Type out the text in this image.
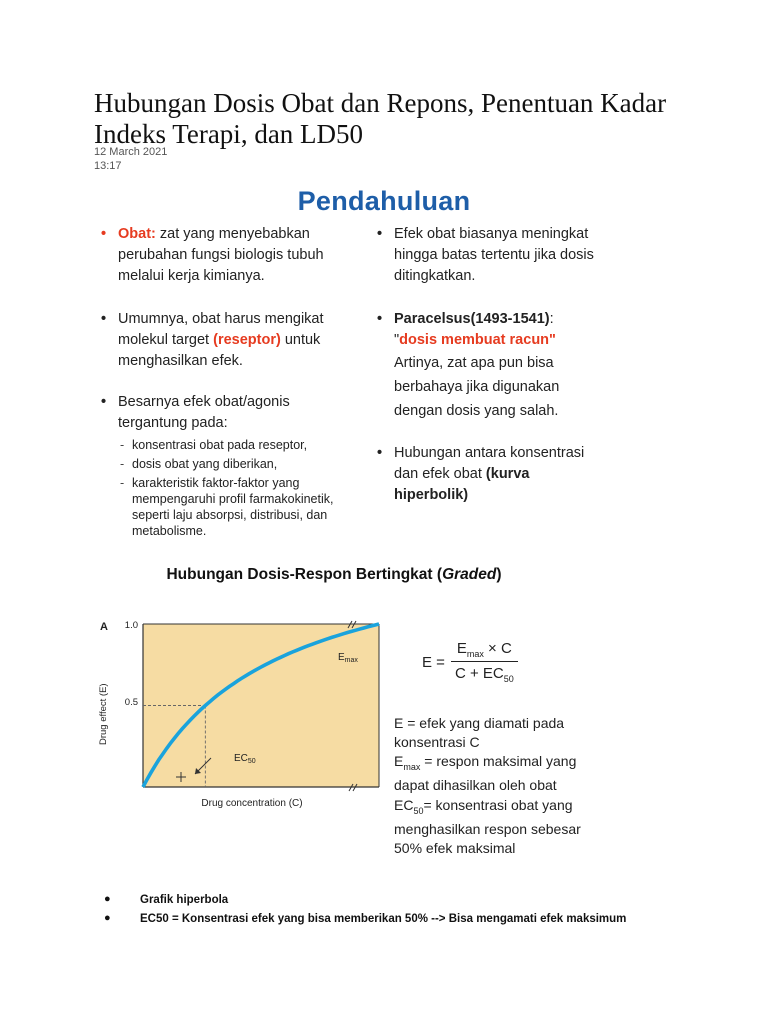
Hubungan Dosis Obat dan Repons, Penentuan Kadar Indeks Terapi, dan LD50
12 March 2021
13:17
Pendahuluan
• Obat: zat yang menyebabkan perubahan fungsi biologis tubuh melalui kerja kimianya.
• Umumnya, obat harus mengikat molekul target (reseptor) untuk menghasilkan efek.
• Besarnya efek obat/agonis tergantung pada:
- konsentrasi obat pada reseptor,
- dosis obat yang diberikan,
- karakteristik faktor-faktor yang mempengaruhi profil farmakokinetik, seperti laju absorpsi, distribusi, dan metabolisme.
• Efek obat biasanya meningkat hingga batas tertentu jika dosis ditingkatkan.
• Paracelsus(1493-1541):
"dosis membuat racun"
Artinya, zat apa pun bisa berbahaya jika digunakan dengan dosis yang salah.
• Hubungan antara konsentrasi dan efek obat (kurva hiperbolik)
Hubungan Dosis-Respon Bertingkat (Graded)
A 1.0
0.5
Drug effect (E)
Drug concentration (C)
$E_{max}$
$EC_{50}$
E =
$E_{max} \times C$
$C + EC_{50}$

E = efek yang diamati pada konsentrasi C

$E_{max}$ = respon maksimal yang dapat dihasilkan oleh obat

$EC_{50}=$ konsentrasi obat yang menghasilkan respon sebesar 50% efek maksimal

●	Grafik hiperbola
●	EC50 = Konsentrasi efek yang bisa memberikan 50% --> Bisa mengamati efek maksimum
